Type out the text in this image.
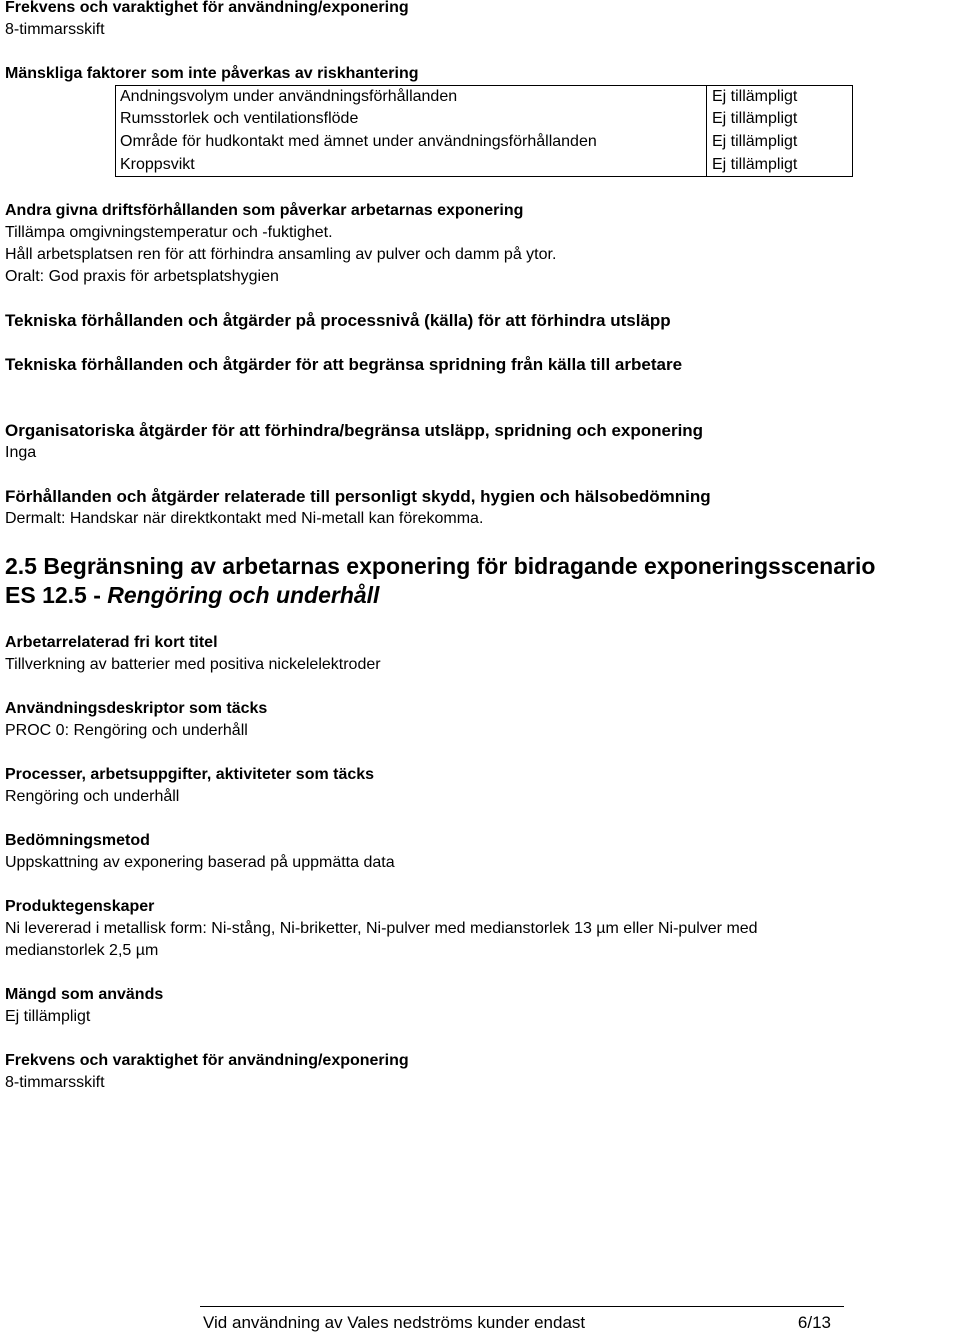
Frekvens och varaktighet för användning/exponering
8-timmarsskift
Mänskliga faktorer som inte påverkas av riskhantering
Andningsvolym under användningsförhållanden	Ej tillämpligt
Rumsstorlek och ventilationsflöde	Ej tillämpligt
Område för hudkontakt med ämnet under användningsförhållanden	Ej tillämpligt
Kroppsvikt	Ej tillämpligt
Andra givna driftsförhållanden som påverkar arbetarnas exponering
Tillämpa omgivningstemperatur och -fuktighet.
Håll arbetsplatsen ren för att förhindra ansamling av pulver och damm på ytor.
Oralt: God praxis för arbetsplatshygien
Tekniska förhållanden och åtgärder på processnivå (källa) för att förhindra utsläpp
Tekniska förhållanden och åtgärder för att begränsa spridning från källa till arbetare
Organisatoriska åtgärder för att förhindra/begränsa utsläpp, spridning och exponering
Inga
Förhållanden och åtgärder relaterade till personligt skydd, hygien och hälsobedömning
Dermalt: Handskar när direktkontakt med Ni-metall kan förekomma.
2.5 Begränsning av arbetarnas exponering för bidragande exponeringsscenario
ES 12.5 - Rengöring och underhåll
Arbetarrelaterad fri kort titel
Tillverkning av batterier med positiva nickelelektroder
Användningsdeskriptor som täcks
PROC 0: Rengöring och underhåll
Processer, arbetsuppgifter, aktiviteter som täcks
Rengöring och underhåll
Bedömningsmetod
Uppskattning av exponering baserad på uppmätta data
Produktegenskaper
Ni levererad i metallisk form: Ni-stång, Ni-briketter, Ni-pulver med medianstorlek 13 µm eller Ni-pulver med
medianstorlek 2,5 µm
Mängd som används
Ej tillämpligt
Frekvens och varaktighet för användning/exponering
8-timmarsskift
Vid användning av Vales nedströms kunder endast	6/13
